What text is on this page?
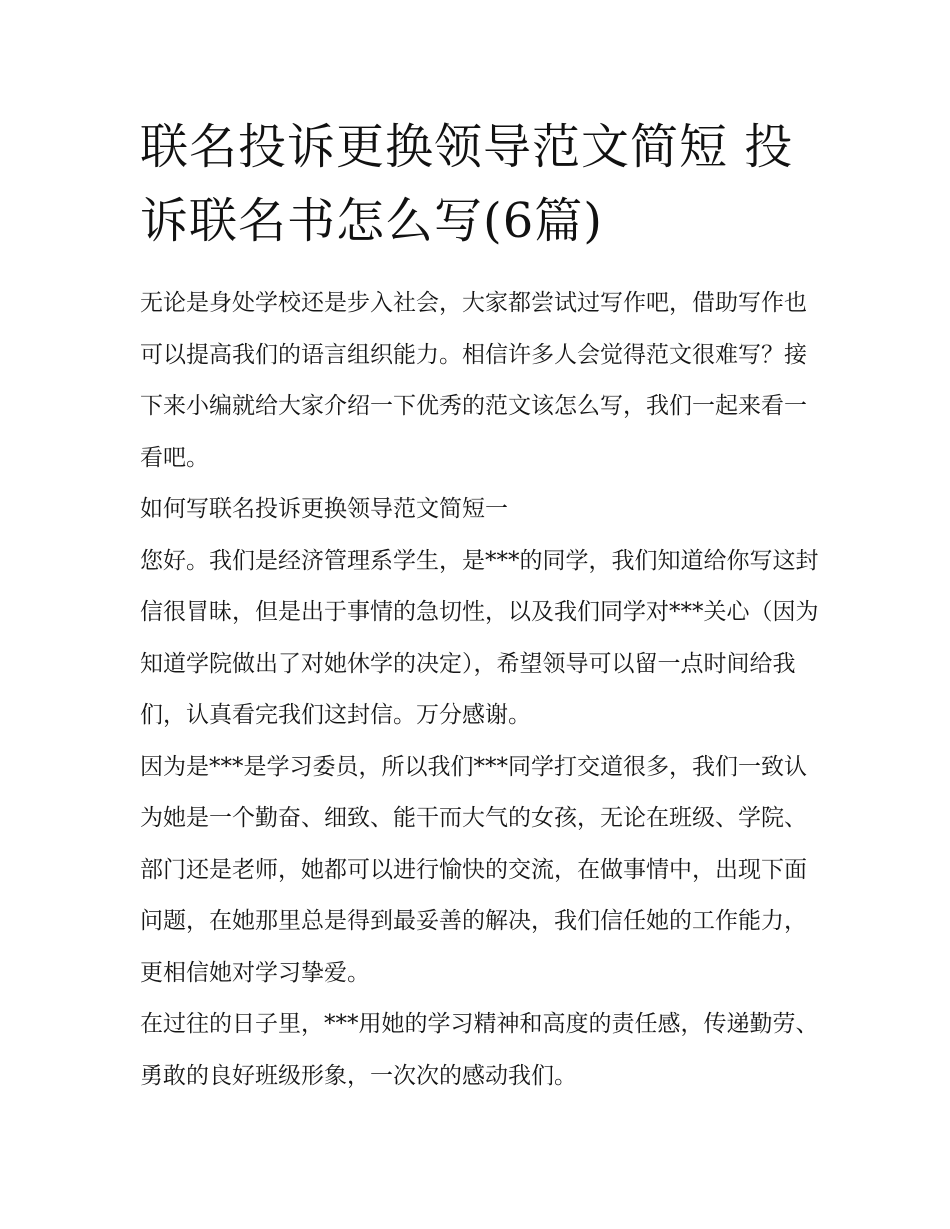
联名投诉更换领导范文简短 投诉联名书怎么写(6篇)

无论是身处学校还是步入社会，大家都尝试过写作吧，借助写作也可以提高我们的语言组织能力。相信许多人会觉得范文很难写？接下来小编就给大家介绍一下优秀的范文该怎么写，我们一起来看一看吧。

如何写联名投诉更换领导范文简短一

您好。我们是经济管理系学生，是***的同学，我们知道给你写这封信很冒昧，但是出于事情的急切性，以及我们同学对***关心（因为知道学院做出了对她休学的决定），希望领导可以留一点时间给我们，认真看完我们这封信。万分感谢。

因为是***是学习委员，所以我们***同学打交道很多，我们一致认为她是一个勤奋、细致、能干而大气的女孩，无论在班级、学院、部门还是老师，她都可以进行愉快的交流，在做事情中，出现下面问题，在她那里总是得到最妥善的解决，我们信任她的工作能力，更相信她对学习挚爱。

在过往的日子里，***用她的学习精神和高度的责任感，传递勤劳、勇敢的良好班级形象，一次次的感动我们。
